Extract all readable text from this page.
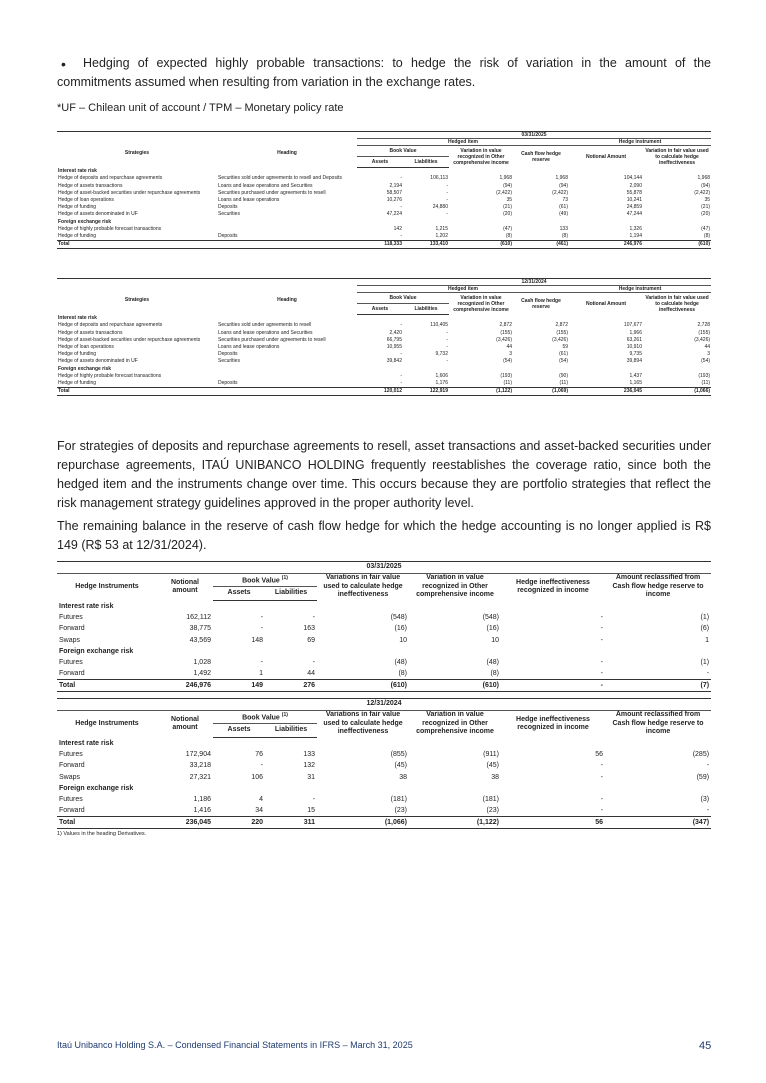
•	Hedging of expected highly probable transactions: to hedge the risk of variation in the amount of the commitments assumed when resulting from variation in the exchange rates.
*UF – Chilean unit of account / TPM – Monetary policy rate
		03/31/2025					
Strategies	Heading	Hedged item				Hedge instrument	
		Book Value		Variation in value recognized in Other comprehensive income	Cash flow hedge reserve	Notional Amount	Variation in fair value used to calculate hedge ineffectiveness
		Assets	Liabilities				
Interest rate risk							
Hedge of deposits and repurchase agreements	Securities sold under agreements to resell and Deposits	-	106,113	1,968	1,968	104,144	1,968
Hedge of assets transactions	Loans and lease operations and Securities	2,194	-	(94)	(94)	2,090	(94)
Hedge of asset-backed securities under repurchase agreements	Securities purchased under agreements to resell	58,507	-	(2,422)	(2,422)	55,878	(2,422)
Hedge of loan operations	Loans and lease operations	10,276	-	35	73	10,241	35
Hedge of funding	Deposits	-	24,880	(21)	(61)	24,859	(21)
Hedge of assets denominated in UF	Securities	47,224	-	(20)	(49)	47,244	(20)
Foreign exchange risk							
Hedge of highly probable forecast transactions		142	1,215	(47)	133	1,326	(47)
Hedge of funding	Deposits	-	1,202	(8)	(8)	1,194	(8)
Total		118,333	133,410	(610)	(461)	246,976	(610)
		12/31/2024					
Strategies	Heading	Hedged item				Hedge instrument	
		Book Value		Variation in value recognized in Other comprehensive income	Cash flow hedge reserve	Notional Amount	Variation in fair value used to calculate hedge ineffectiveness
		Assets	Liabilities				
Interest rate risk							
Hedge of deposits and repurchase agreements	Securities sold under agreements to resell	-	110,405	2,872	2,872	107,677	2,728
Hedge of assets transactions	Loans and lease operations and Securities	2,420	-	(155)	(155)	1,966	(155)
Hedge of asset-backed securities under repurchase agreements	Securities purchased under agreements to resell	66,795	-	(3,426)	(3,426)	63,261	(3,426)
Hedge of loan operations	Loans and lease operations	10,955	-	44	59	10,910	44
Hedge of funding	Deposits	-	9,732	3	(61)	9,735	3
Hedge of assets denominated in UF	Securities	39,842	-	(54)	(54)	39,894	(54)
Foreign exchange risk							
Hedge of highly probable forecast transactions		-	1,606	(193)	(90)	1,437	(193)
Hedge of funding	Deposits	-	1,176	(11)	(11)	1,165	(11)
Total		120,012	122,919	(1,122)	(1,069)	236,045	(1,066)
For strategies of deposits and repurchase agreements to resell, asset transactions and asset-backed securities under repurchase agreements, ITAÚ UNIBANCO HOLDING frequently reestablishes the coverage ratio, since both the hedged item and the instruments change over time. This occurs because they are portfolio strategies that reflect the risk management strategy guidelines approved in the proper authority level.
The remaining balance in the reserve of cash flow hedge for which the hedge accounting is no longer applied is R$ 149 (R$ 53 at 12/31/2024).
03/31/2025							
Hedge Instruments	Notional amount	Book Value $^{(1)}$		Variations in fair value used to calculate hedge ineffectiveness	Variation in value recognized in Other comprehensive income	Hedge ineffectiveness recognized in income	Amount reclassified from Cash flow hedge reserve to income
		Assets	Liabilities				
Interest rate risk							
Futures	162,112	-	-	(548)	(548)	-	(1)
Forward	38,775	-	163	(16)	(16)	-	(6)
Swaps	43,569	148	69	10	10	-	1
Foreign exchange risk							
Futures	1,028	-	-	(48)	(48)	-	(1)
Forward	1,492	1	44	(8)	(8)	-	-
Total	246,976	149	276	(610)	(610)	-	(7)
12/31/2024							
Hedge Instruments	Notional amount	Book Value $^{(1)}$		Variations in fair value used to calculate hedge ineffectiveness	Variation in value recognized in Other comprehensive income	Hedge ineffectiveness recognized in income	Amount reclassified from Cash flow hedge reserve to income
		Assets	Liabilities				
Interest rate risk							
Futures	172,904	76	133	(855)	(911)	56	(285)
Forward	33,218	-	132	(45)	(45)	-	-
Swaps	27,321	106	31	38	38	-	(59)
Foreign exchange risk							
Futures	1,186	4	-	(181)	(181)	-	(3)
Forward	1,416	34	15	(23)	(23)	-	-
Total	236,045	220	311	(1,066)	(1,122)	56	(347)
1) Values in the heading Derivatives.
Itaú Unibanco Holding S.A. – Condensed Financial Statements in IFRS – March 31, 2025	45
